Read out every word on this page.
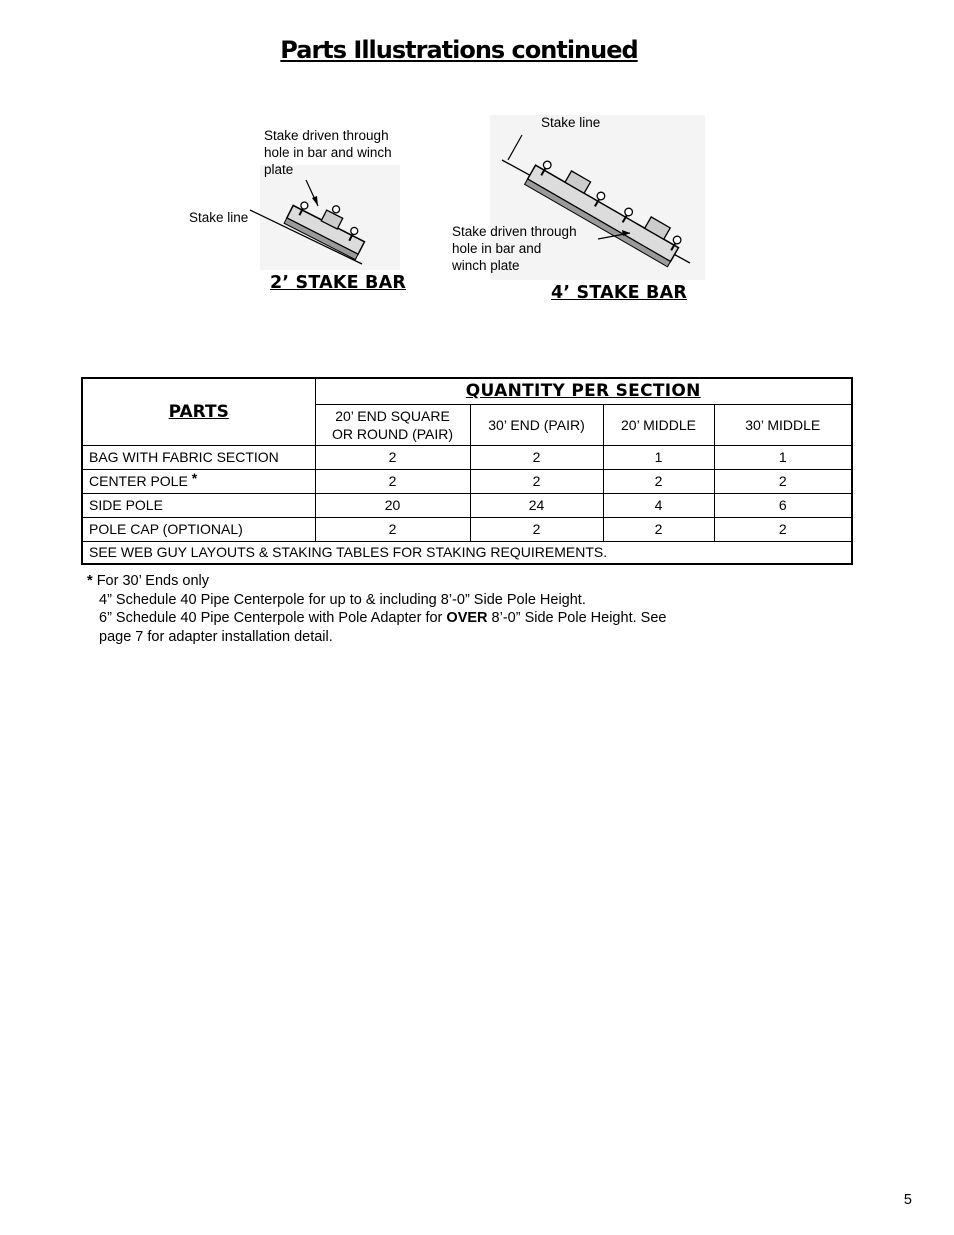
Parts Illustrations continued
Stake driven through
hole in bar and winch
plate
Stake line
2’ STAKE BAR
Stake line
Stake driven through
hole in bar and
winch plate
4’ STAKE BAR
PARTS	QUANTITY PER SECTION			

	20’ END SQUARE
OR ROUND (PAIR)	30’ END (PAIR)	20’ MIDDLE	30’ MIDDLE
BAG WITH FABRIC SECTION	2	2	1	1
CENTER POLE *	2	2	2	2
SIDE POLE	20	24	4	6
POLE CAP (OPTIONAL)	2	2	2	2
SEE WEB GUY LAYOUTS & STAKING TABLES FOR STAKING REQUIREMENTS.				
* For 30’ Ends only
4” Schedule 40 Pipe Centerpole for up to & including 8’-0” Side Pole Height.
6” Schedule 40 Pipe Centerpole with Pole Adapter for OVER 8’-0” Side Pole Height. See
page 7 for adapter installation detail.
5
